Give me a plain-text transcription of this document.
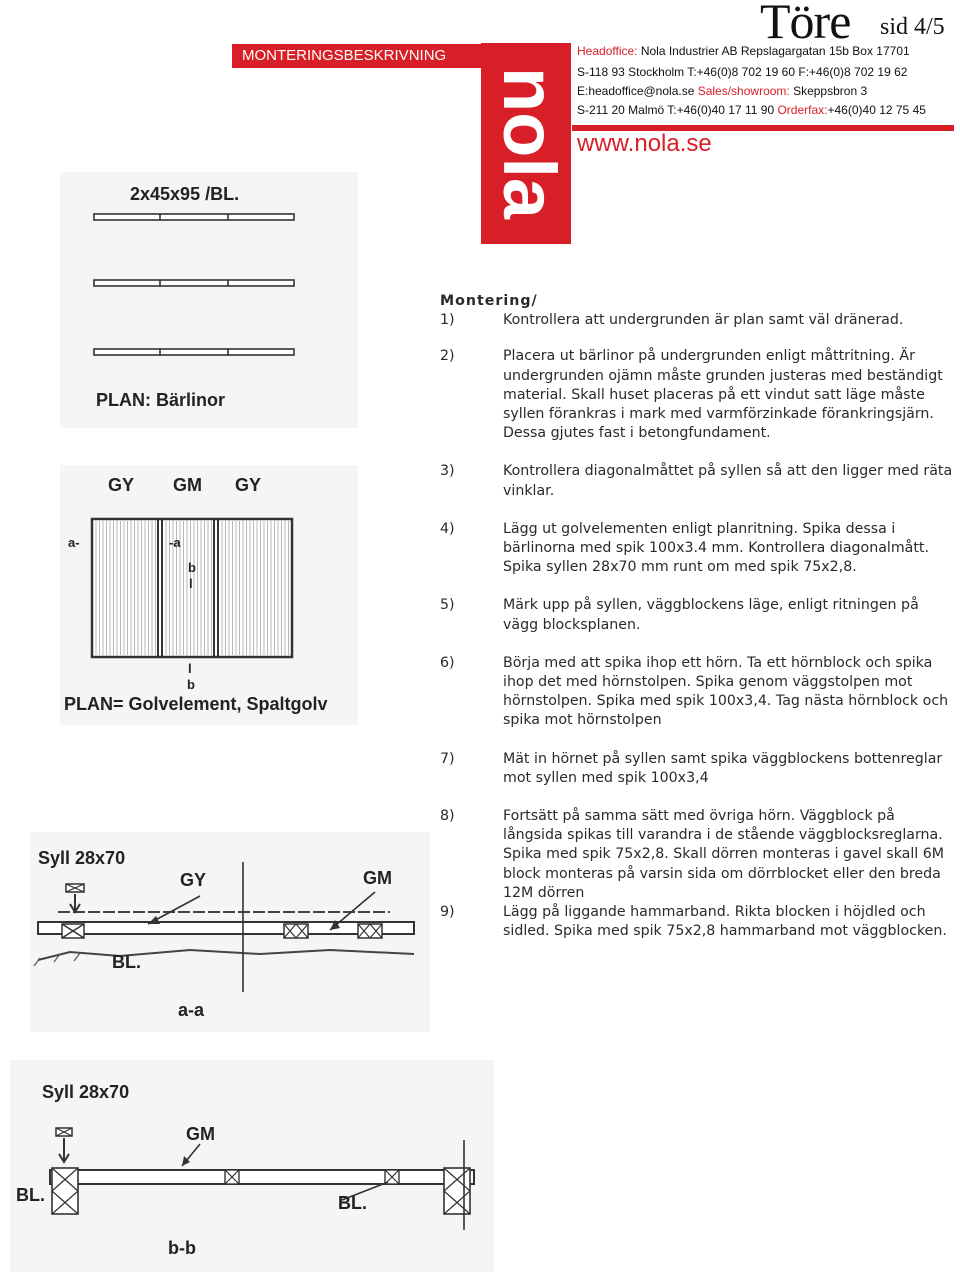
Töre sid 4/5
MONTERINGSBESKRIVNING
nola
Headoffice: Nola Industrier AB Repslagargatan 15b Box 17701
S-118 93 Stockholm T:+46(0)8 702 19 60 F:+46(0)8 702 19 62
E:headoffice@nola.se Sales/showroom: Skeppsbron 3
S-211 20 Malmö T:+46(0)40 17 11 90 Orderfax:+46(0)40 12 75 45
www.nola.se
2x45x95 /BL.
PLAN: Bärlinor
GY GM GY
a-	-a
b
l
l
b
PLAN= Golvelement, Spaltgolv
Syll 28x70
GY	GM
BL.
a-a
Syll 28x70
GM
BL.	BL.
b-b
Montering/
1)	Kontrollera att undergrunden är plan samt väl dränerad.
2)	Placera ut bärlinor på undergrunden enligt måttritning. Är undergrunden ojämn måste grunden justeras med beständigt material. Skall huset placeras på ett vindut satt läge måste syllen förankras i mark med varmförzinkade förankringsjärn. Dessa gjutes fast i betongfundament.
3)	Kontrollera diagonalmåttet på syllen så att den ligger med räta vinklar.
4)	Lägg ut golvelementen enligt planritning. Spika dessa i bärlinorna med spik 100x3.4 mm. Kontrollera diagonalmått. Spika syllen 28x70 mm runt om med spik 75x2,8.
5)	Märk upp på syllen, väggblockens läge, enligt ritningen på vägg blocksplanen.
6)	Börja med att spika ihop ett hörn. Ta ett hörnblock och spika ihop det med hörnstolpen. Spika genom väggstolpen mot hörnstolpen. Spika med spik 100x3,4. Tag nästa hörnblock och spika mot hörnstolpen
7)	Mät in hörnet på syllen samt spika väggblockens bottenreglar mot syllen med spik 100x3,4
8)	Fortsätt på samma sätt med övriga hörn. Väggblock på långsida spikas till varandra i de stående väggblocksreglarna. Spika med spik 75x2,8. Skall dörren monteras i gavel skall 6M block monteras på varsin sida om dörrblocket eller den breda 12M dörren
9)	Lägg på liggande hammarband. Rikta blocken i höjdled och sidled. Spika med spik 75x2,8 hammarband mot väggblocken.
